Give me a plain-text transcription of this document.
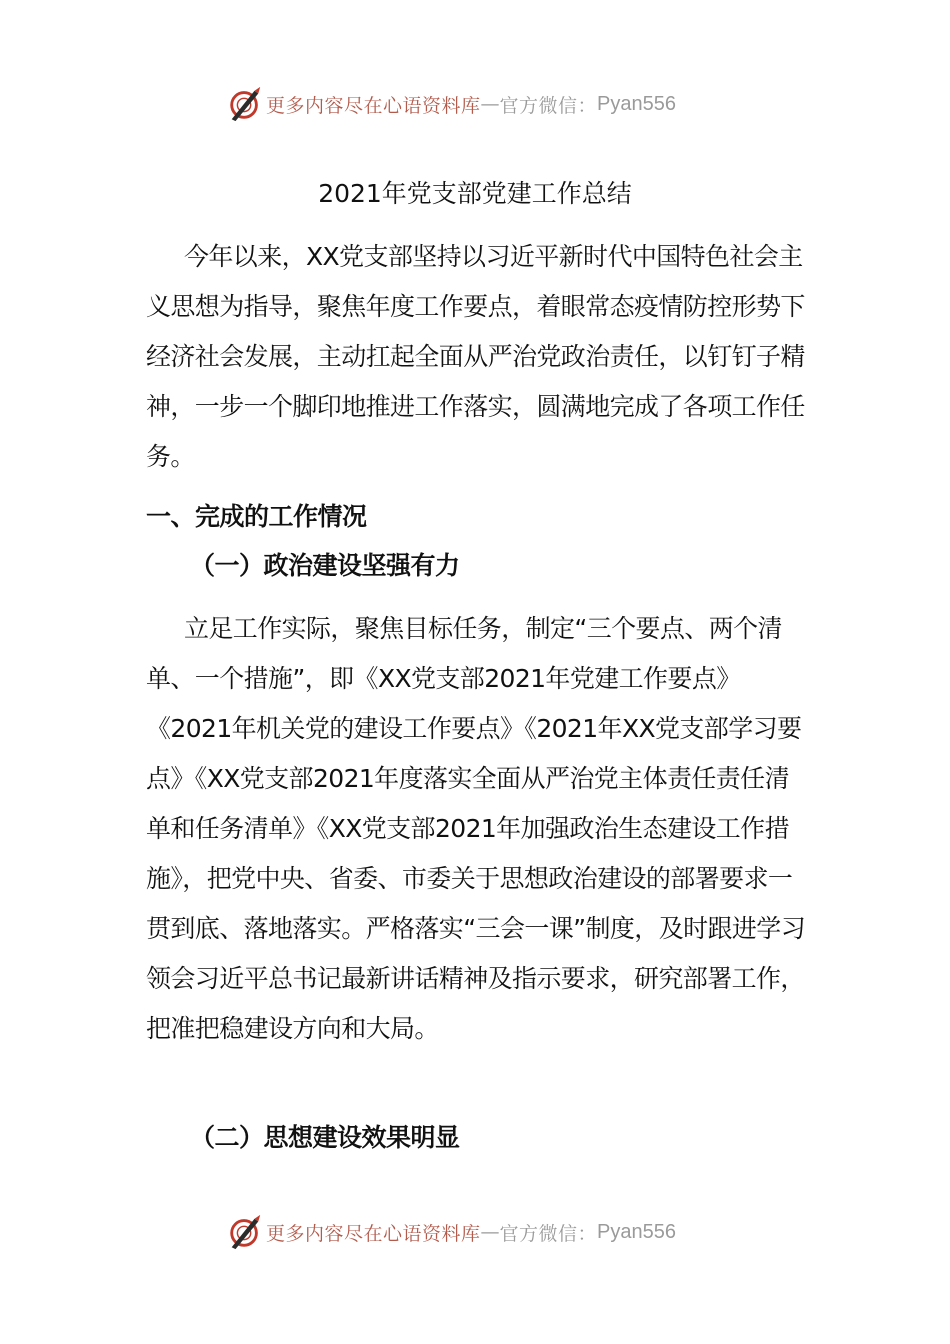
更多内容尽在心语资料库 — 官方微信： Pyan556
2021年党支部党建工作总结

今年以来，XX党支部坚持以习近平新时代中国特色社会主义思想为指导，聚焦年度工作要点，着眼常态疫情防控形势下经济社会发展，主动扛起全面从严治党政治责任，以钉钉子精神，一步一个脚印地推进工作落实，圆满地完成了各项工作任务。

一、完成的工作情况
（一）政治建设坚强有力

立足工作实际，聚焦目标任务，制定“三个要点、两个清单、一个措施”，即《XX党支部2021年党建工作要点》《2021年机关党的建设工作要点》《2021年XX党支部学习要点》《XX党支部2021年度落实全面从严治党主体责任责任清单和任务清单》《XX党支部2021年加强政治生态建设工作措施》，把党中央、省委、市委关于思想政治建设的部署要求一贯到底、落地落实。严格落实“三会一课”制度，及时跟进学习领会习近平总书记最新讲话精神及指示要求，研究部署工作，把准把稳建设方向和大局。

（二）思想建设效果明显
更多内容尽在心语资料库 — 官方微信： Pyan556
